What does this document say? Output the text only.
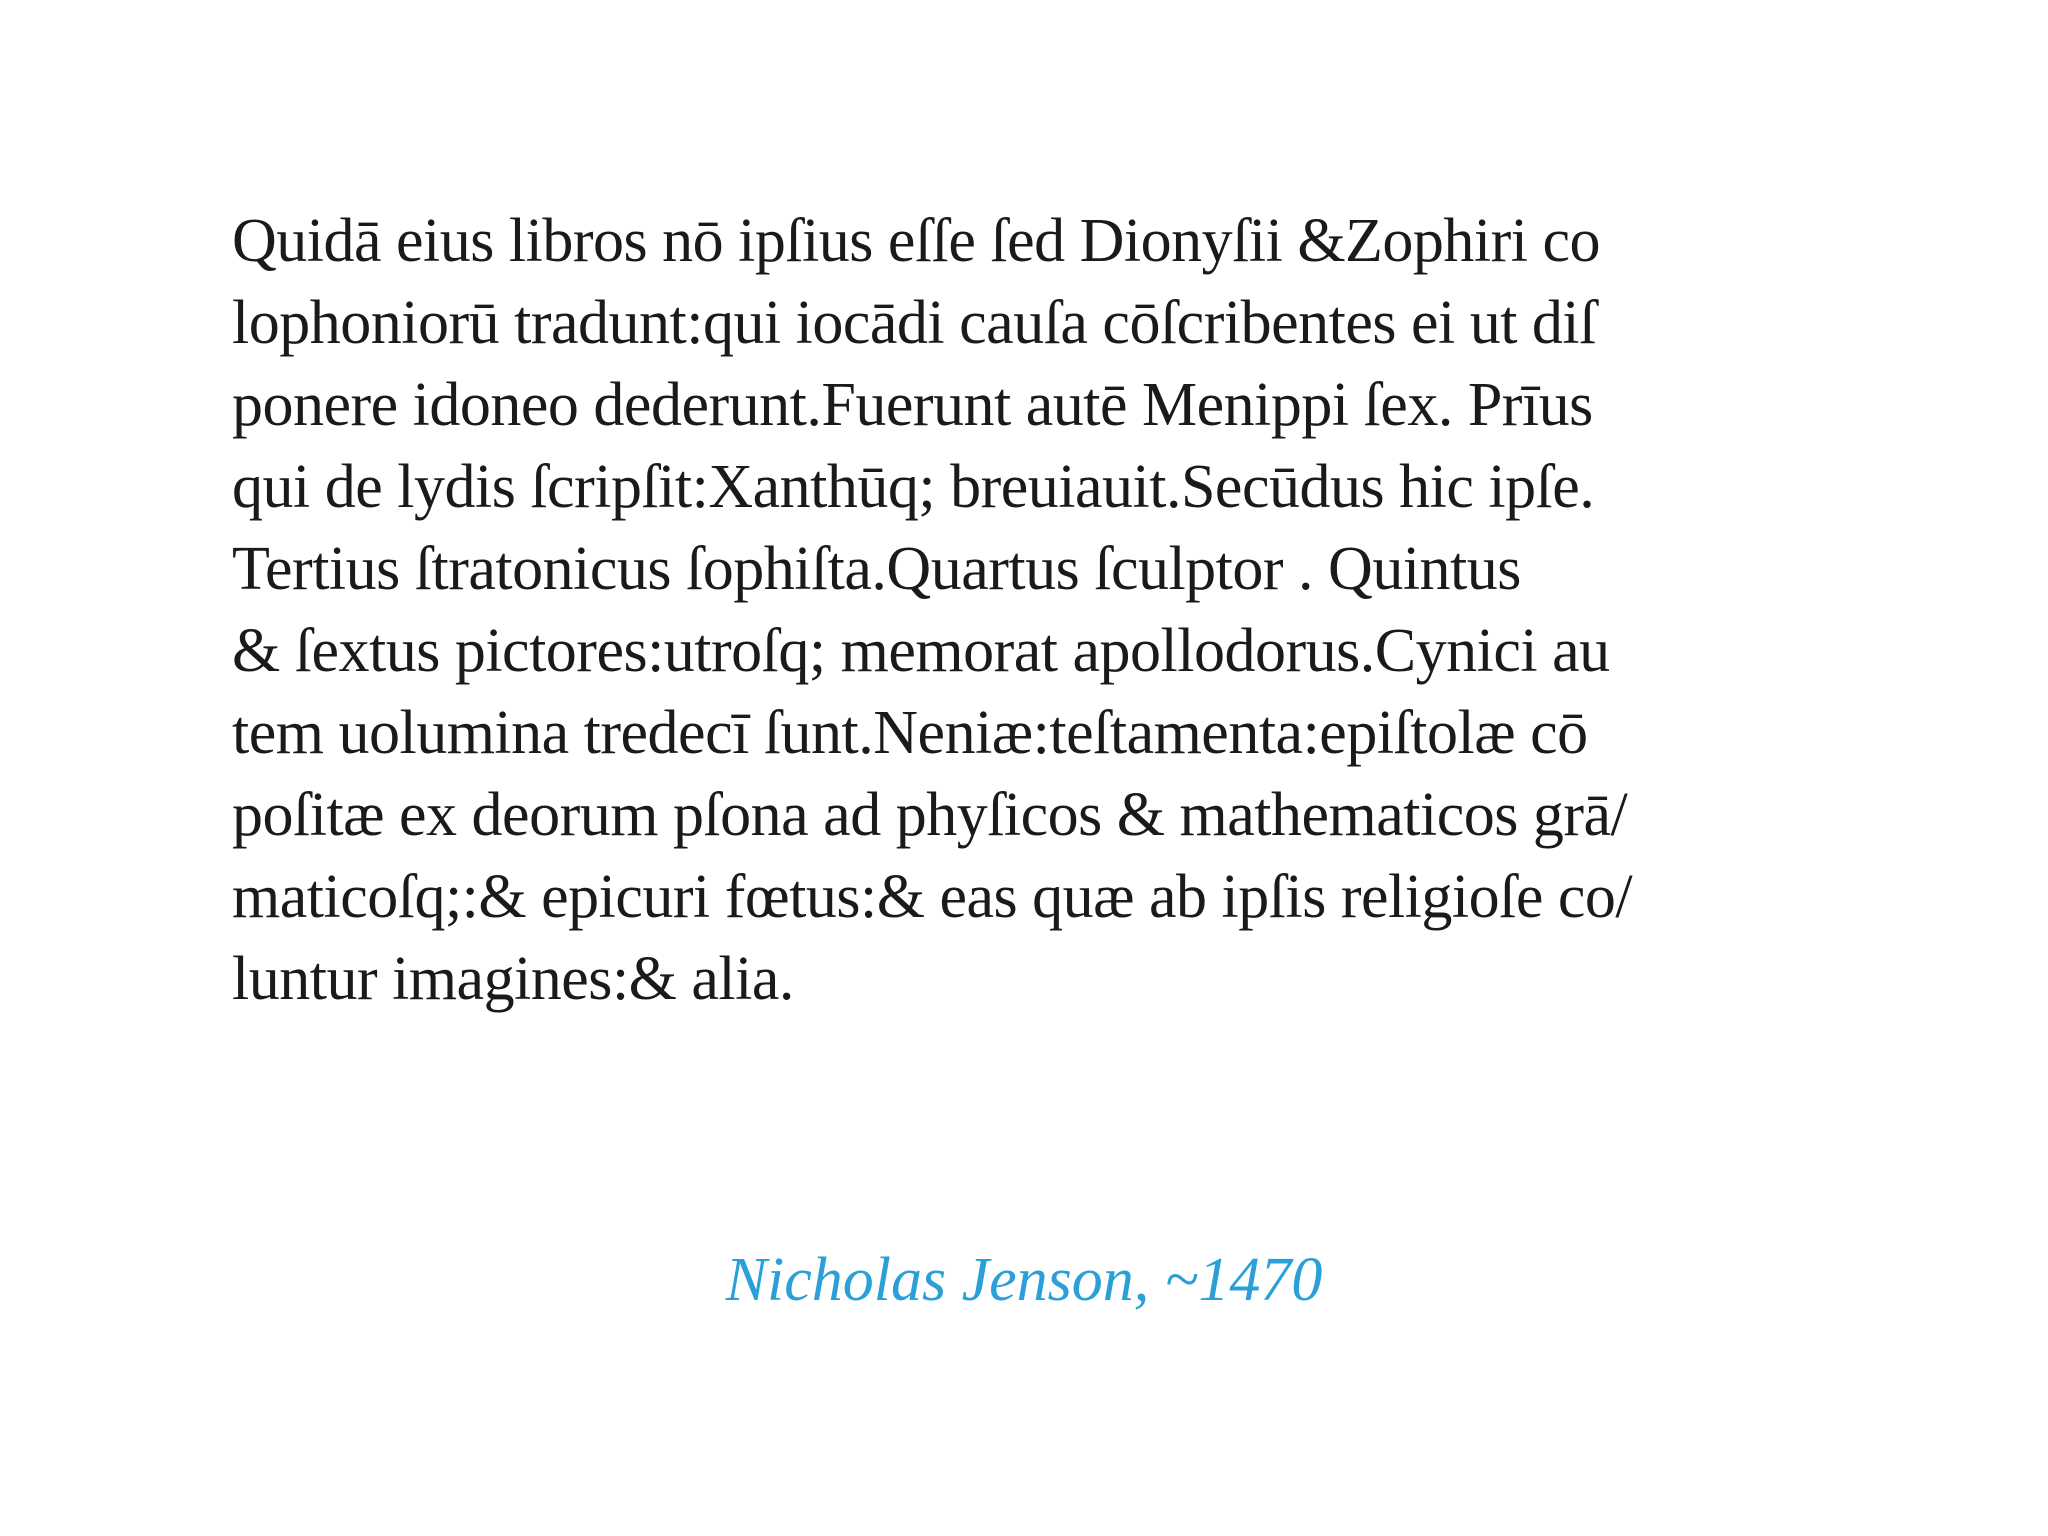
Quidā eius libros nō ipſius eſſe ſed Dionyſii &Zophiri co
lophoniorū tradunt:qui iocādi cauſa cōſcribentes ei ut diſ
ponere idoneo dederunt.Fuerunt autē Menippi ſex. Prīus
qui de lydis ſcripſit:Xanthūq; breuiauit.Secūdus hic ipſe.
Tertius ſtratonicus ſophiſta.Quartus ſculptor . Quintus
& ſextus pictores:utroſq; memorat apollodorus.Cynici au
tem uolumina tredecī ſunt.Neniæ:teſtamenta:epiſtolæ cō
poſitæ ex deorum pſona ad phyſicos & mathematicos grā/
maticoſq;:& epicuri fœtus:& eas quæ ab ipſis religioſe co/
luntur imagines:& alia.
Nicholas Jenson, ~1470
